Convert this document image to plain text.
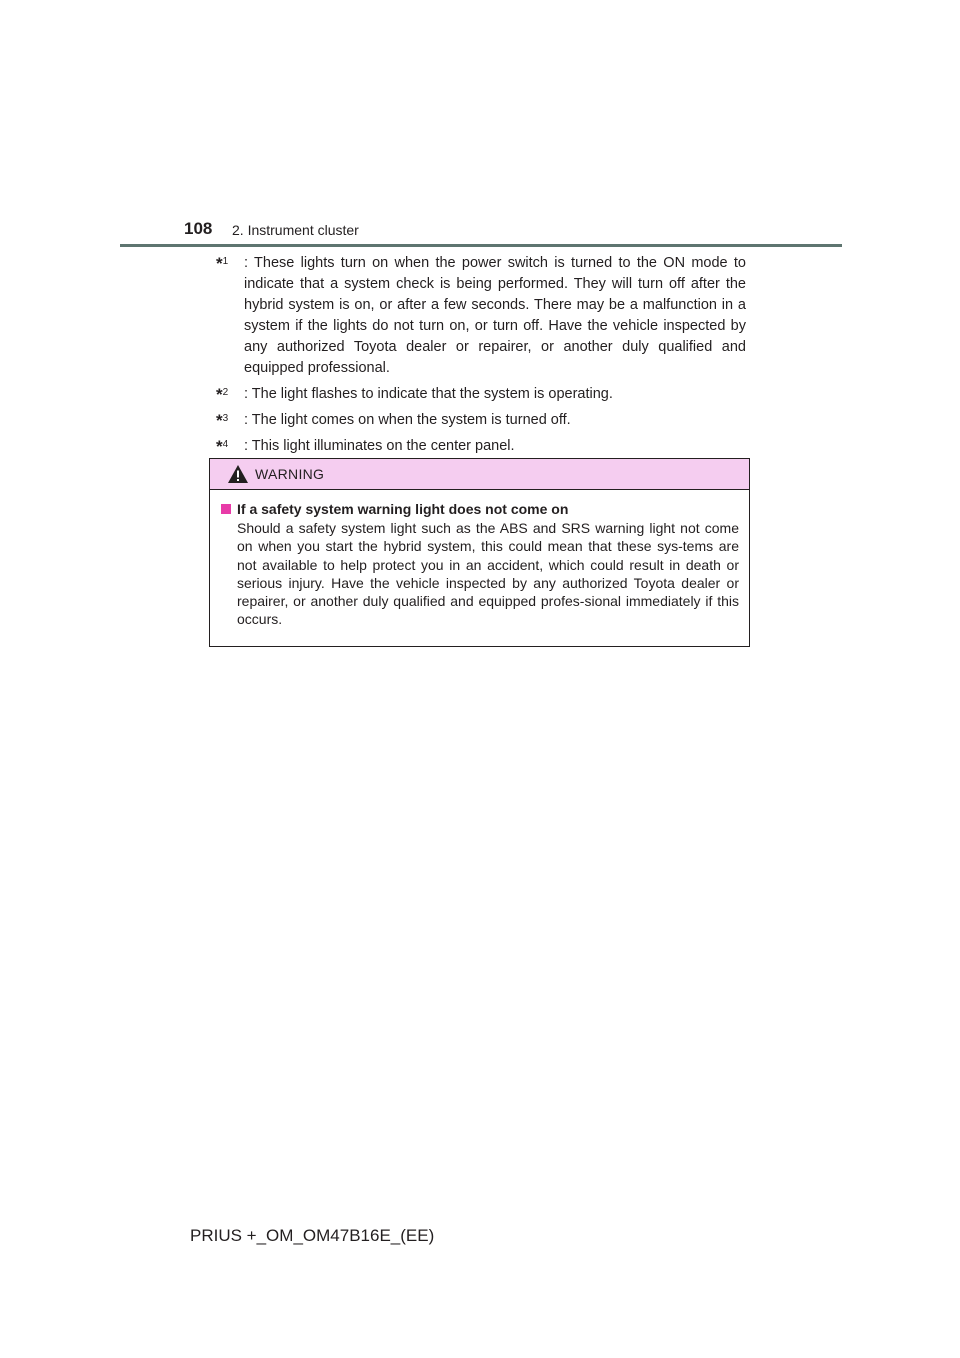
108 2. Instrument cluster
*$^1$ : These lights turn on when the power switch is turned to the ON mode to indicate that a system check is being performed. They will turn off after the hybrid system is on, or after a few seconds. There may be a malfunction in a system if the lights do not turn on, or turn off. Have the vehicle inspected by any authorized Toyota dealer or repairer, or another duly qualified and equipped professional.
*$^2$ : The light flashes to indicate that the system is operating.
*$^3$ : The light comes on when the system is turned off.
*$^4$ : This light illuminates on the center panel.
WARNING
If a safety system warning light does not come on
Should a safety system light such as the ABS and SRS warning light not come on when you start the hybrid system, this could mean that these sys-tems are not available to help protect you in an accident, which could result in death or serious injury. Have the vehicle inspected by any authorized Toyota dealer or repairer, or another duly qualified and equipped profes-sional immediately if this occurs.
PRIUS +_OM_OM47B16E_(EE)
